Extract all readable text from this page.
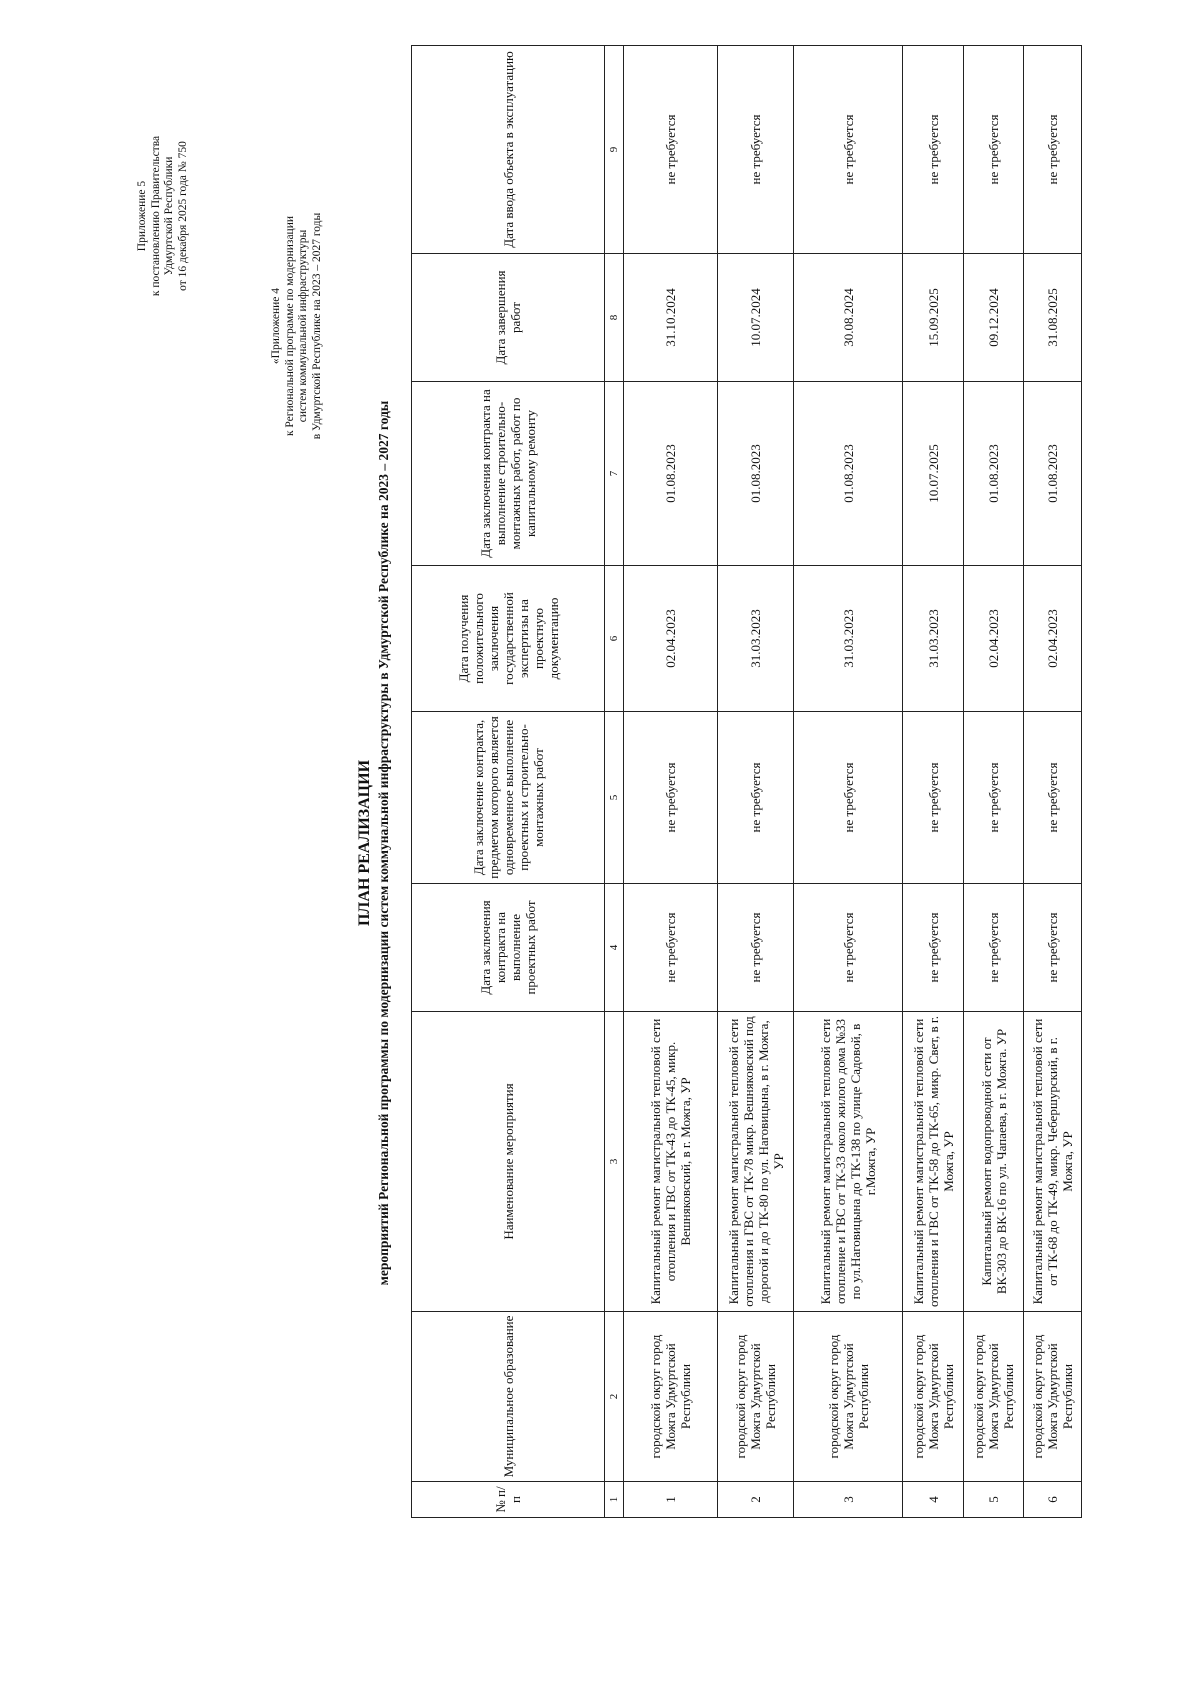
Приложение 5 к постановлению Правительства Удмуртской Республики от 16 декабря 2025 года № 750
«Приложение 4 к Региональной программе по модернизации систем коммунальной инфраструктуры в Удмуртской Республике на 2023 – 2027 годы
ПЛАН РЕАЛИЗАЦИИ мероприятий Региональной программы по модернизации систем коммунальной инфраструктуры в Удмуртской Республике на 2023 – 2027 годы
№ п/п	Муниципальное образование	Наименование мероприятия	Дата заключения контракта на выполнение проектных работ	Дата заключение контракта, предметом которого является одновременное выполнение проектных и строительно-монтажных работ	Дата получения положительного заключения государственной экспертизы на проектную документацию	Дата заключения контракта на выполнение строительно-монтажных работ, работ по капитальному ремонту	Дата завершения работ	Дата ввода объекта в эксплуатацию
1	2	3	4	5	6	7	8	9
1	городской округ город Можга Удмуртской Республики	Капитальный ремонт магистральной тепловой сети отопления и ГВС от ТК-43 до ТК-45, микр. Вешняковский, в г. Можга, УР	не требуется	не требуется	02.04.2023	01.08.2023	31.10.2024	не требуется
2	городской округ город Можга Удмуртской Республики	Капитальный ремонт магистральной тепловой сети отопления и ГВС от ТК-78 микр. Вешняковский под дорогой и до ТК-80 по ул. Наговицына, в г. Можга, УР	не требуется	не требуется	31.03.2023	01.08.2023	10.07.2024	не требуется
3	городской округ город Можга Удмуртской Республики	Капитальный ремонт магистральной тепловой сети отопление и ГВС от ТК-33 около жилого дома №33 по ул.Наговицына до ТК-138 по улице Садовой, в г.Можга, УР	не требуется	не требуется	31.03.2023	01.08.2023	30.08.2024	не требуется
4	городской округ город Можга Удмуртской Республики	Капитальный ремонт магистральной тепловой сети отопления и ГВС от ТК-58 до ТК-65, микр. Свет, в г. Можга, УР	не требуется	не требуется	31.03.2023	10.07.2025	15.09.2025	не требуется
5	городской округ город Можга Удмуртской Республики	Капитальный ремонт водопроводной сети от ВК-303 до ВК-16 по ул. Чапаева, в г. Можга. УР	не требуется	не требуется	02.04.2023	01.08.2023	09.12.2024	не требуется
6	городской округ город Можга Удмуртской Республики	Капитальный ремонт магистральной тепловой сети от ТК-68 до ТК-49, микр. Чебершурский, в г. Можга, УР	не требуется	не требуется	02.04.2023	01.08.2023	31.08.2025	не требуется
